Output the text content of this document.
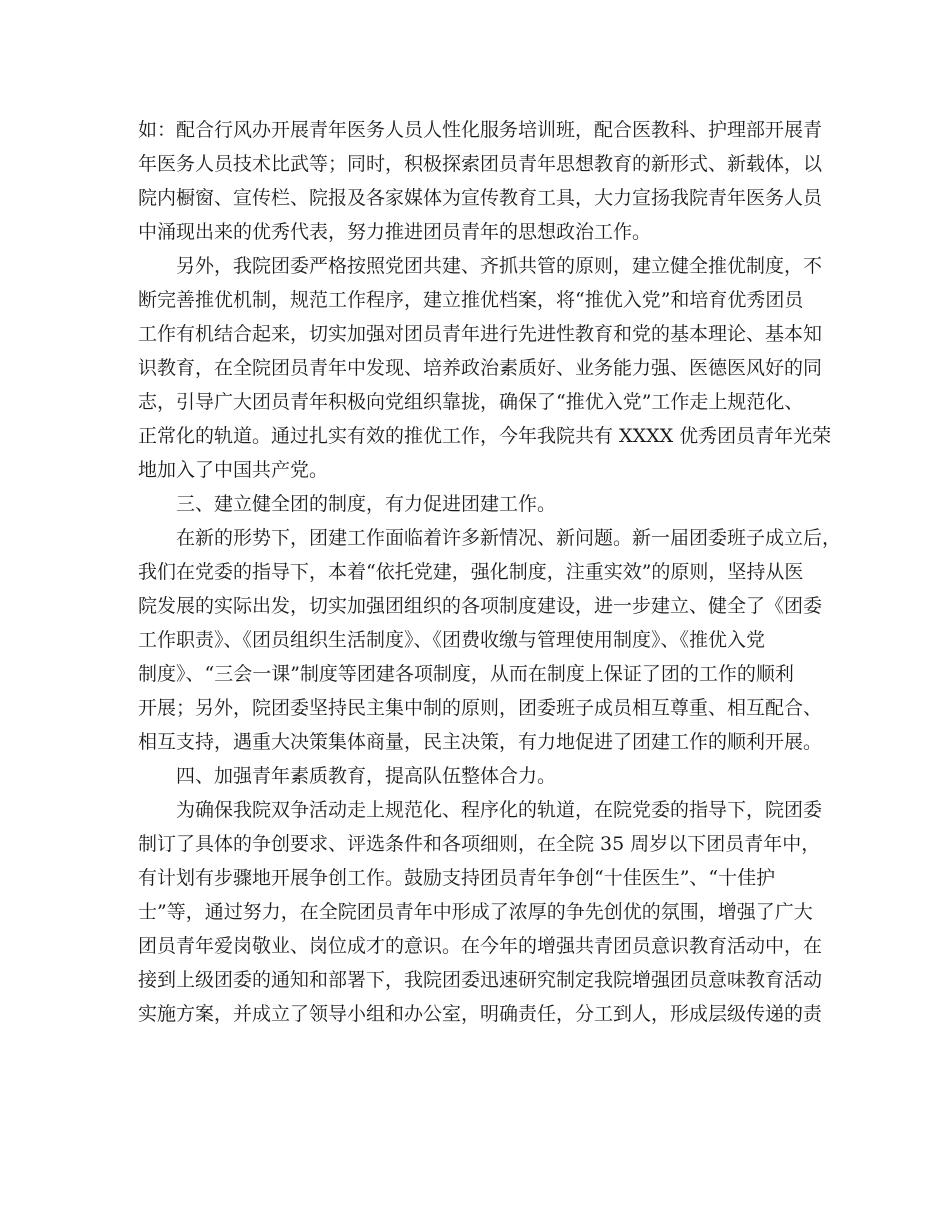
如：配合行风办开展青年医务人员人性化服务培训班，配合医教科、护理部开展青
年医务人员技术比武等；同时，积极探索团员青年思想教育的新形式、新载体，以
院内橱窗、宣传栏、院报及各家媒体为宣传教育工具，大力宣扬我院青年医务人员
中涌现出来的优秀代表，努力推进团员青年的思想政治工作。
另外，我院团委严格按照党团共建、齐抓共管的原则，建立健全推优制度，不
断完善推优机制，规范工作程序，建立推优档案，将“推优入党”和培育优秀团员
工作有机结合起来，切实加强对团员青年进行先进性教育和党的基本理论、基本知
识教育，在全院团员青年中发现、培养政治素质好、业务能力强、医德医风好的同
志，引导广大团员青年积极向党组织靠拢，确保了“推优入党”工作走上规范化、
正常化的轨道。通过扎实有效的推优工作，今年我院共有 XXXX 优秀团员青年光荣
地加入了中国共产党。
三、建立健全团的制度，有力促进团建工作。
在新的形势下，团建工作面临着许多新情况、新问题。新一届团委班子成立后，
我们在党委的指导下，本着“依托党建，强化制度，注重实效”的原则，坚持从医
院发展的实际出发，切实加强团组织的各项制度建设，进一步建立、健全了《团委
工作职责》、《团员组织生活制度》、《团费收缴与管理使用制度》、《推优入党
制度》、“三会一课”制度等团建各项制度，从而在制度上保证了团的工作的顺利
开展；另外，院团委坚持民主集中制的原则，团委班子成员相互尊重、相互配合、
相互支持，遇重大决策集体商量，民主决策，有力地促进了团建工作的顺利开展。
四、加强青年素质教育，提高队伍整体合力。
为确保我院双争活动走上规范化、程序化的轨道，在院党委的指导下，院团委
制订了具体的争创要求、评选条件和各项细则，在全院 35 周岁以下团员青年中，
有计划有步骤地开展争创工作。鼓励支持团员青年争创“十佳医生”、“十佳护
士”等，通过努力，在全院团员青年中形成了浓厚的争先创优的氛围，增强了广大
团员青年爱岗敬业、岗位成才的意识。在今年的增强共青团员意识教育活动中，在
接到上级团委的通知和部署下，我院团委迅速研究制定我院增强团员意味教育活动
实施方案，并成立了领导小组和办公室，明确责任，分工到人，形成层级传递的责
